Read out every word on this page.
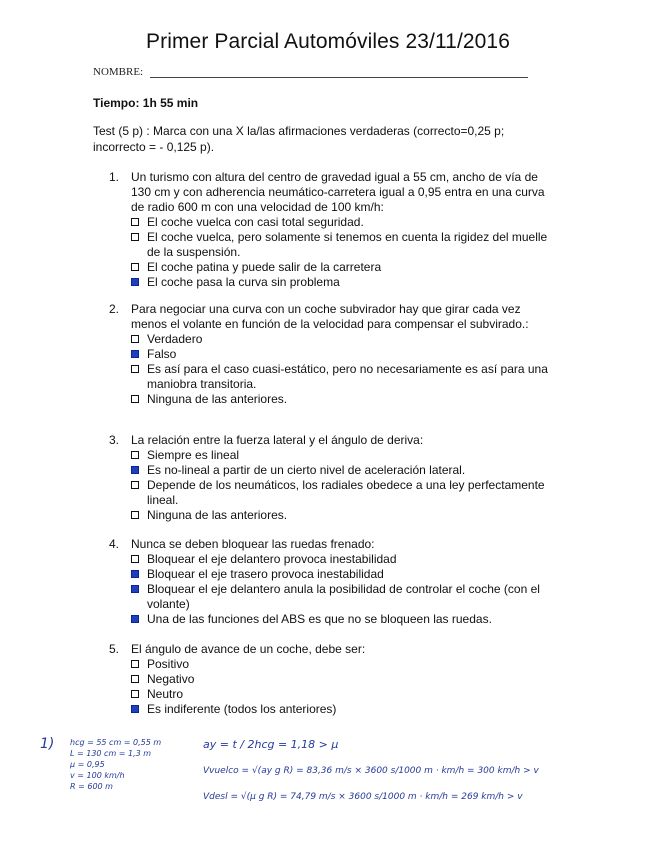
Primer Parcial Automóviles 23/11/2016
NOMBRE:
Tiempo: 1h 55 min
Test (5 p) : Marca con una X la/las afirmaciones verdaderas (correcto=0,25 p; incorrecto = - 0,125 p).
1. Un turismo con altura del centro de gravedad igual a 55 cm, ancho de vía de 130 cm y con adherencia neumático-carretera igual a 0,95 entra en una curva de radio 600 m con una velocidad de 100 km/h:
El coche vuelca con casi total seguridad.
El coche vuelca, pero solamente si tenemos en cuenta la rigidez del muelle de la suspensión.
El coche patina y puede salir de la carretera
El coche pasa la curva sin problema
2. Para negociar una curva con un coche subvirador hay que girar cada vez menos el volante en función de la velocidad para compensar el subvirado.:
Verdadero
Falso
Es así para el caso cuasi-estático, pero no necesariamente es así para una maniobra transitoria.
Ninguna de las anteriores.
3. La relación entre la fuerza lateral y el ángulo de deriva:
Siempre es lineal
Es no-lineal a partir de un cierto nivel de aceleración lateral.
Depende de los neumáticos, los radiales obedece a una ley perfectamente lineal.
Ninguna de las anteriores.
4. Nunca se deben bloquear las ruedas frenado:
Bloquear el eje delantero provoca inestabilidad
Bloquear el eje trasero provoca inestabilidad
Bloquear el eje delantero anula la posibilidad de controlar el coche (con el volante)
Una de las funciones del ABS es que no se bloqueen las ruedas.
5. El ángulo de avance de un coche, debe ser:
Positivo
Negativo
Neutro
Es indiferente (todos los anteriores)
1) hcg = 55 cm = 0,55 m
L = 130 cm = 1,3 m
μ = 0,95
v = 100 km/h
R = 600 m
ay = t / 2hcg = 1,18 > μ
Vvuelco = √(ay g R) = 83,36 m/s × 3600 s/1000 m · km/h = 300 km/h > v
Vdesl = √(μ g R) = 74,79 m/s × 3600 s/1000 m · km/h = 269 km/h > v
